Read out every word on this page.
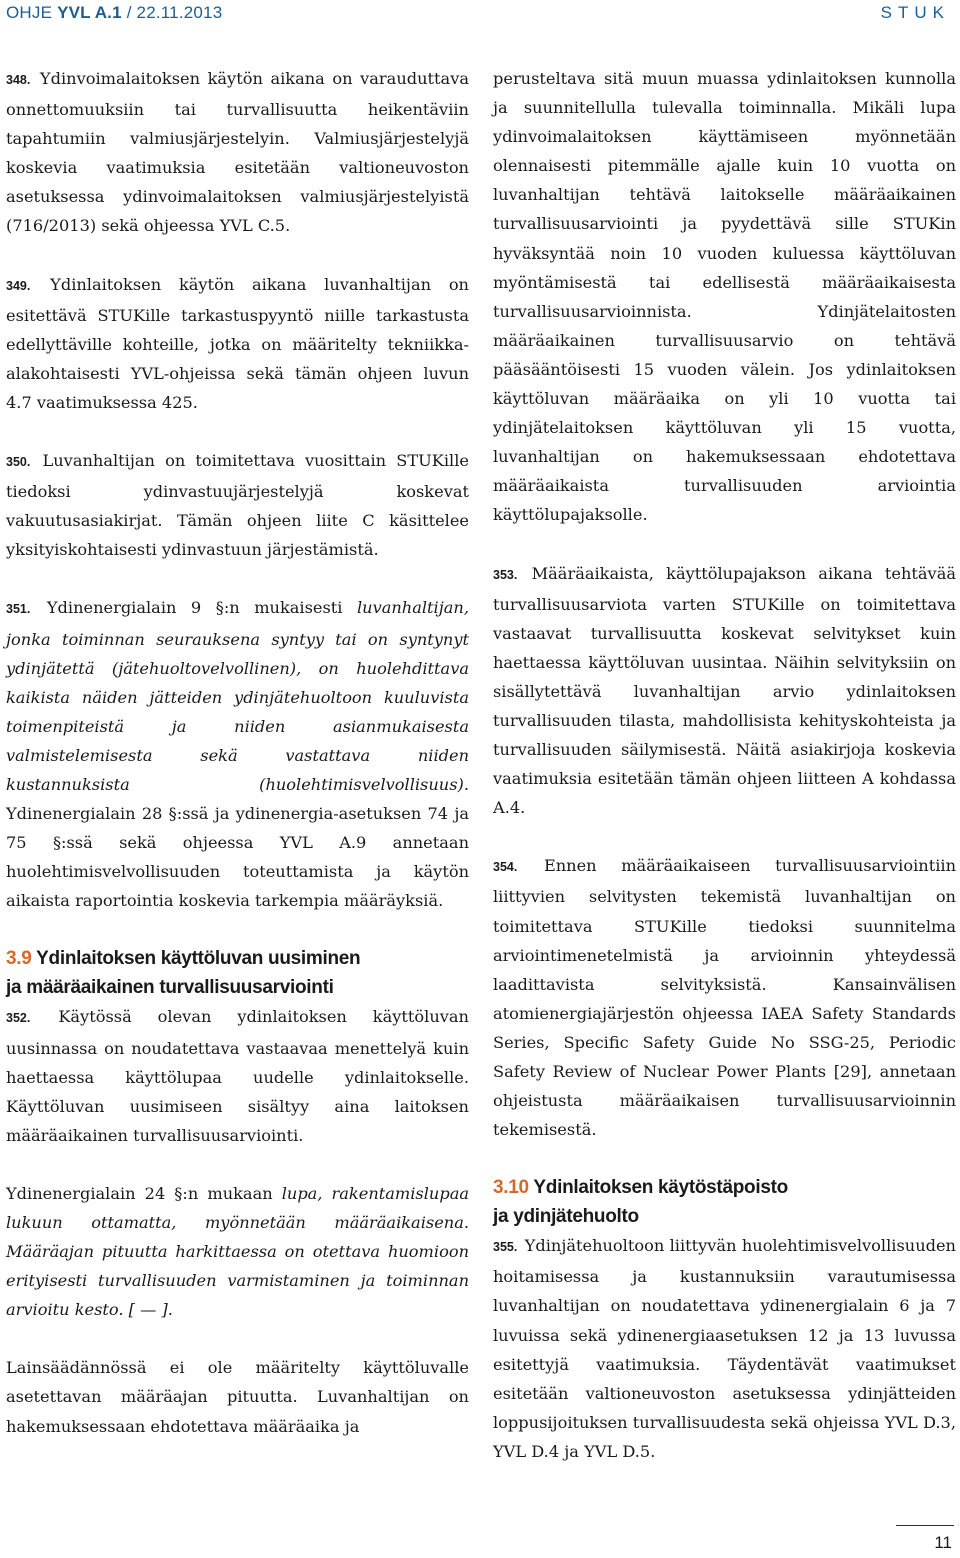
OHJE YVL A.1 / 22.11.2013	STUK

348. Ydinvoimalaitoksen käytön aikana on varauduttava onnettomuuksiin tai turvallisuutta heikentäviin tapahtumiin valmiusjärjestelyin. Valmiusjärjestelyjä koskevia vaatimuksia esitetään valtioneuvoston asetuksessa ydinvoimalaitoksen valmiusjärjestelyistä (716/2013) sekä ohjeessa YVL C.5.

349. Ydinlaitoksen käytön aikana luvanhaltijan on esitettävä STUKille tarkastuspyyntö niille tarkastusta edellyttäville kohteille, jotka on määritelty tekniikka-alakohtaisesti YVL-ohjeissa sekä tämän ohjeen luvun 4.7 vaatimuksessa 425.

350. Luvanhaltijan on toimitettava vuosittain STUKille tiedoksi ydinvastuujärjestelyjä koskevat vakuutusasiakirjat. Tämän ohjeen liite C käsittelee yksityiskohtaisesti ydinvastuun järjestämistä.

351. Ydinenergialain 9 §:n mukaisesti luvanhaltijan, jonka toiminnan seurauksena syntyy tai on syntynyt ydinjätettä (jätehuoltovelvollinen), on huolehdittava kaikista näiden jätteiden ydinjätehuoltoon kuuluvista toimenpiteistä ja niiden asianmukaisesta valmistelemisesta sekä vastattava niiden kustannuksista (huolehtimisvelvollisuus). Ydinenergialain 28 §:ssä ja ydinenergia-asetuksen 74 ja 75 §:ssä sekä ohjeessa YVL A.9 annetaan huolehtimisvelvollisuuden toteuttamista ja käytön aikaista raportointia koskevia tarkempia määräyksiä.

3.9 Ydinlaitoksen käyttöluvan uusiminen
ja määräaikainen turvallisuusarviointi

352. Käytössä olevan ydinlaitoksen käyttöluvan uusinnassa on noudatettava vastaavaa menettelyä kuin haettaessa käyttölupaa uudelle ydinlaitokselle. Käyttöluvan uusimiseen sisältyy aina laitoksen määräaikainen turvallisuusarviointi.

Ydinenergialain 24 §:n mukaan lupa, rakentamislupaa lukuun ottamatta, myönnetään määräaikaisena. Määräajan pituutta harkittaessa on otettava huomioon erityisesti turvallisuuden varmistaminen ja toiminnan arvioitu kesto. [ — ].

Lainsäädännössä ei ole määritelty käyttöluvalle asetettavan määräajan pituutta. Luvanhaltijan on hakemuksessaan ehdotettava määräaika ja

perusteltava sitä muun muassa ydinlaitoksen kunnolla ja suunnitellulla tulevalla toiminnalla. Mikäli lupa ydinvoimalaitoksen käyttämiseen myönnetään olennaisesti pitemmälle ajalle kuin 10 vuotta on luvanhaltijan tehtävä laitokselle määräaikainen turvallisuusarviointi ja pyydettävä sille STUKin hyväksyntää noin 10 vuoden kuluessa käyttöluvan myöntämisestä tai edellisestä määräaikaisesta turvallisuusarvioinnista. Ydinjätelaitosten määräaikainen turvallisuusarvio on tehtävä pääsääntöisesti 15 vuoden välein. Jos ydinlaitoksen käyttöluvan määräaika on yli 10 vuotta tai ydinjätelaitoksen käyttöluvan yli 15 vuotta, luvanhaltijan on hakemuksessaan ehdotettava määräaikaista turvallisuuden arviointia käyttölupajaksolle.

353. Määräaikaista, käyttölupajakson aikana tehtävää turvallisuusarviota varten STUKille on toimitettava vastaavat turvallisuutta koskevat selvitykset kuin haettaessa käyttöluvan uusintaa. Näihin selvityksiin on sisällytettävä luvanhaltijan arvio ydinlaitoksen turvallisuuden tilasta, mahdollisista kehityskohteista ja turvallisuuden säilymisestä. Näitä asiakirjoja koskevia vaatimuksia esitetään tämän ohjeen liitteen A kohdassa A.4.

354. Ennen määräaikaiseen turvallisuusarviointiin liittyvien selvitysten tekemistä luvanhaltijan on toimitettava STUKille tiedoksi suunnitelma arviointimenetelmistä ja arvioinnin yhteydessä laadittavista selvityksistä. Kansainvälisen atomienergiajärjestön ohjeessa IAEA Safety Standards Series, Specific Safety Guide No SSG-25, Periodic Safety Review of Nuclear Power Plants [29], annetaan ohjeistusta määräaikaisen turvallisuusarvioinnin tekemisestä.

3.10 Ydinlaitoksen käytöstäpoisto
ja ydinjätehuolto

355. Ydinjätehuoltoon liittyvän huolehtimisvelvollisuuden hoitamisessa ja kustannuksiin varautumisessa luvanhaltijan on noudatettava ydinenergialain 6 ja 7 luvuissa sekä ydinenergiaasetuksen 12 ja 13 luvussa esitettyjä vaatimuksia. Täydentävät vaatimukset esitetään valtioneuvoston asetuksessa ydinjätteiden loppusijoituksen turvallisuudesta sekä ohjeissa YVL D.3, YVL D.4 ja YVL D.5.

11
